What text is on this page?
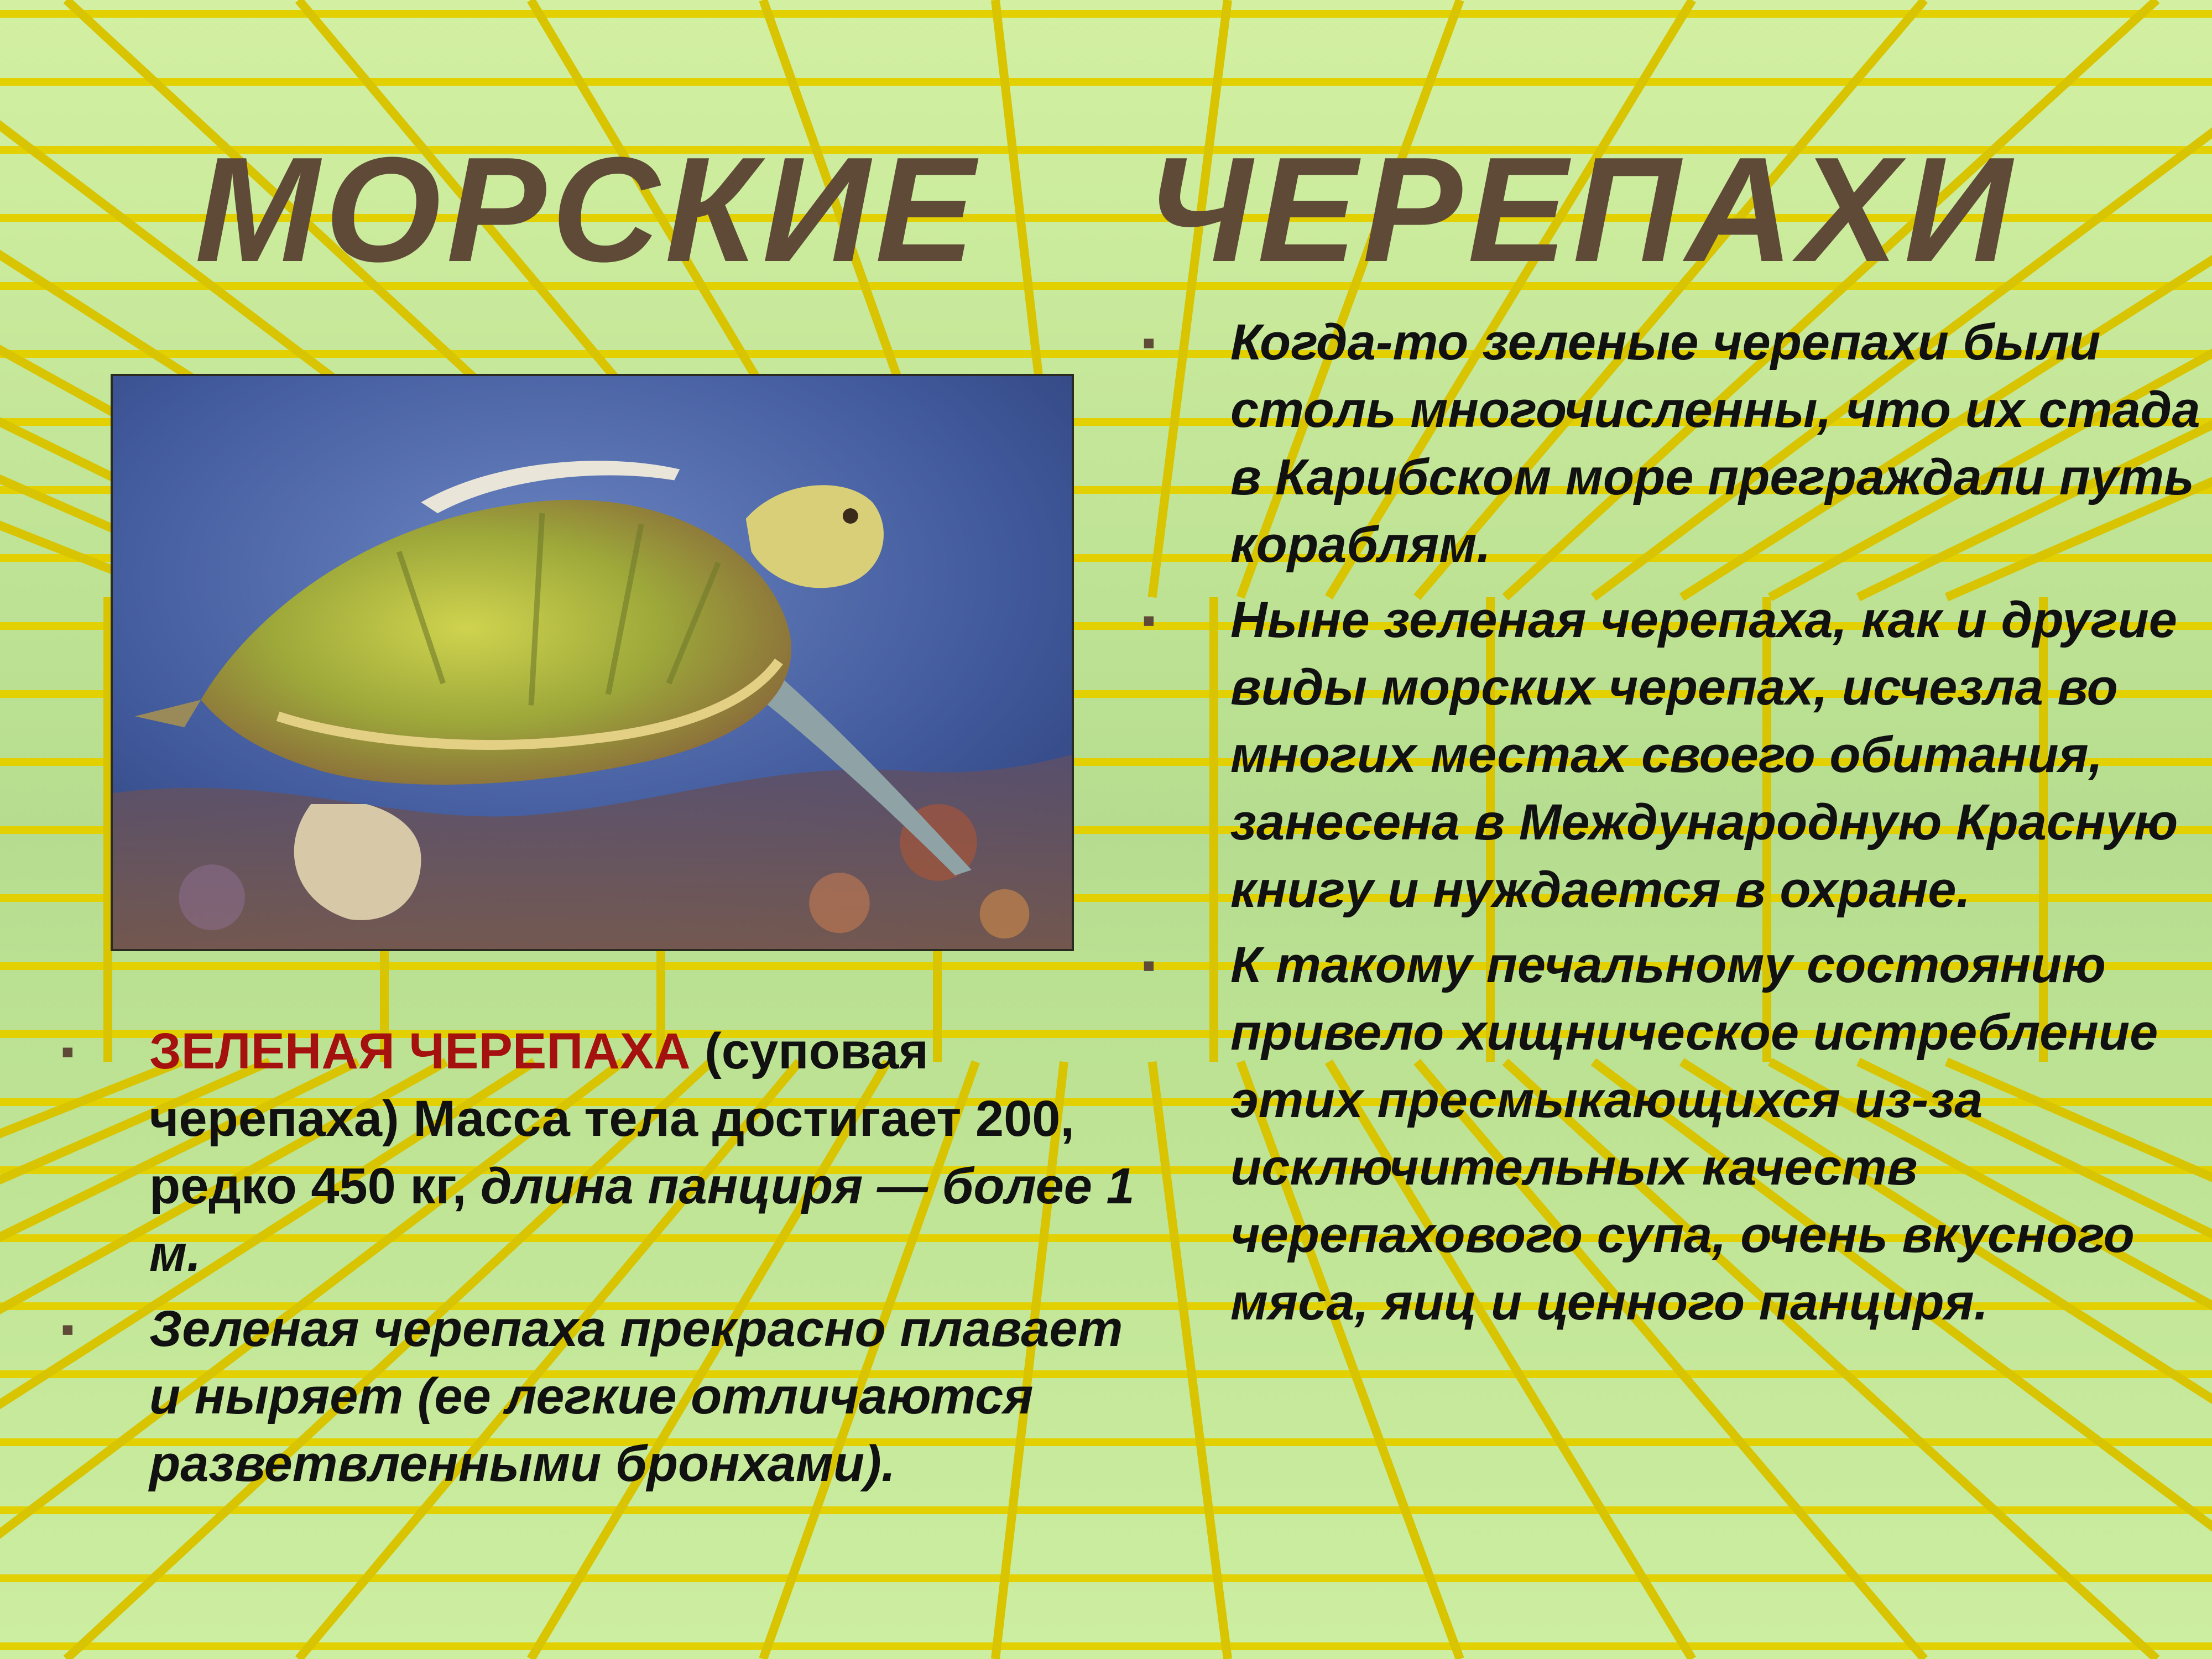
МОРСКИЕ ЧЕРЕПАХИ
▪	ЗЕЛЕНАЯ ЧЕРЕПАХА (суповая черепаха) Масса тела достигает 200, редко 450 кг, длина панциря — более 1 м.
▪	Зеленая черепаха прекрасно плавает и ныряет (ее легкие отличаются разветвленными бронхами).
▪	Когда-то зеленые черепахи были столь многочисленны, что их стада в Карибском море преграждали путь кораблям.
▪	Ныне зеленая черепаха, как и другие виды морских черепах, исчезла во многих местах своего обитания, занесена в Международную Красную книгу и нуждается в охране.
▪	К такому печальному состоянию привело хищническое истребление этих пресмыкающихся из-за исключительных качеств черепахового супа, очень вкусного мяса, яиц и ценного панциря.
